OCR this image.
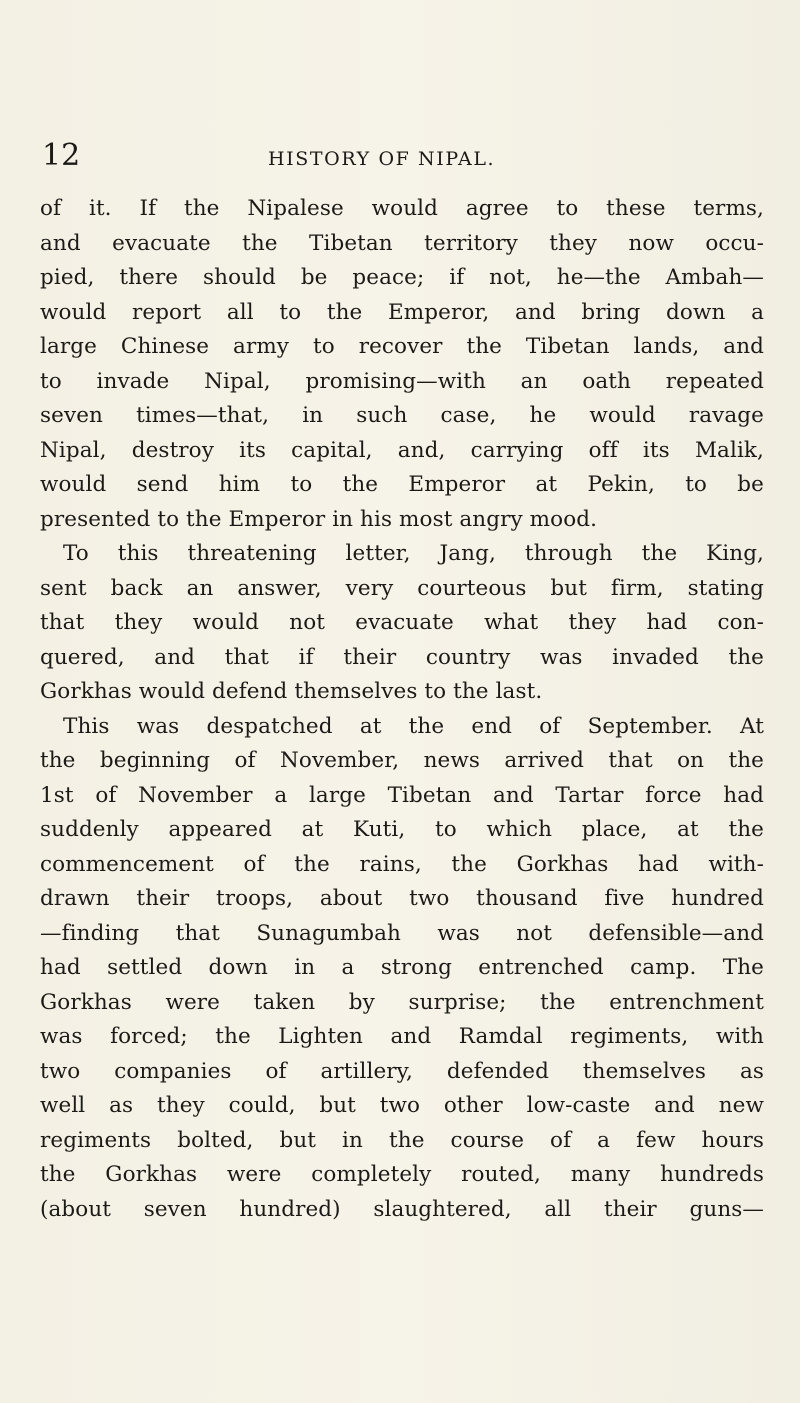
12	HISTORY OF NIPAL.
of it. If the Nipalese would agree to these terms,
and evacuate the Tibetan territory they now occu-
pied, there should be peace; if not, he—the Ambah—
would report all to the Emperor, and bring down a
large Chinese army to recover the Tibetan lands, and
to invade Nipal, promising—with an oath repeated
seven times—that, in such case, he would ravage
Nipal, destroy its capital, and, carrying off its Malik,
would send him to the Emperor at Pekin, to be
presented to the Emperor in his most angry mood.
To this threatening letter, Jang, through the King,
sent back an answer, very courteous but firm, stating
that they would not evacuate what they had con-
quered, and that if their country was invaded the
Gorkhas would defend themselves to the last.
This was despatched at the end of September. At
the beginning of November, news arrived that on the
1st of November a large Tibetan and Tartar force had
suddenly appeared at Kuti, to which place, at the
commencement of the rains, the Gorkhas had with-
drawn their troops, about two thousand five hundred
—finding that Sunagumbah was not defensible—and
had settled down in a strong entrenched camp. The
Gorkhas were taken by surprise; the entrenchment
was forced; the Lighten and Ramdal regiments, with
two companies of artillery, defended themselves as
well as they could, but two other low-caste and new
regiments bolted, but in the course of a few hours
the Gorkhas were completely routed, many hundreds
(about seven hundred) slaughtered, all their guns—
